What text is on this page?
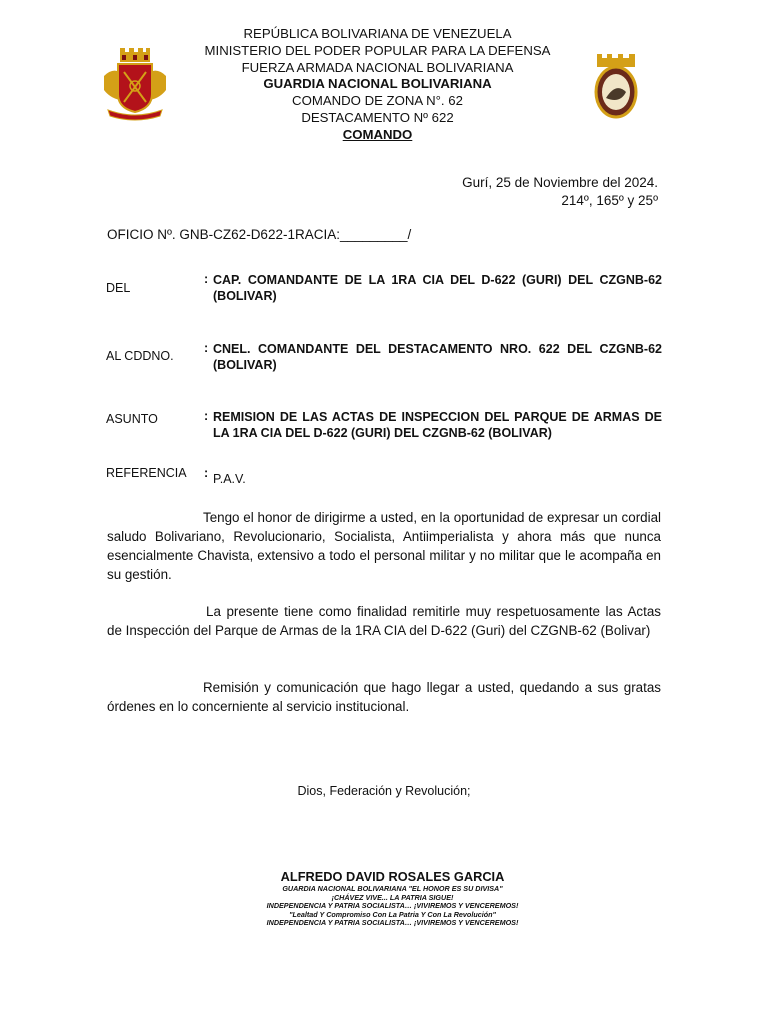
REPÚBLICA BOLIVARIANA DE VENEZUELA
MINISTERIO DEL PODER POPULAR PARA LA DEFENSA
FUERZA ARMADA NACIONAL BOLIVARIANA
GUARDIA NACIONAL BOLIVARIANA
COMANDO DE ZONA N°. 62
DESTACAMENTO Nº 622
COMANDO
Gurí, 25 de Noviembre del 2024.
214º, 165º y 25º
OFICIO Nº. GNB-CZ62-D622-1RACIA:_________/
DEL
: CAP. COMANDANTE DE LA 1RA CIA DEL D-622 (GURI) DEL CZGNB-62
(BOLIVAR)
AL CDDNO.
: CNEL. COMANDANTE DEL DESTACAMENTO NRO. 622 DEL CZGNB-62
(BOLIVAR)
ASUNTO	: REMISION DE LAS ACTAS DE INSPECCION DEL PARQUE DE ARMAS DE
LA 1RA CIA DEL D-622 (GURI) DEL CZGNB-62 (BOLIVAR)
REFERENCIA : P.A.V.
Tengo el honor de dirigirme a usted, en la oportunidad de expresar un cordial saludo Bolivariano, Revolucionario, Socialista, Antiimperialista y ahora más que nunca esencialmente Chavista, extensivo a todo el personal militar y no militar que le acompaña en su gestión.
La presente tiene como finalidad remitirle muy respetuosamente las Actas de Inspección del Parque de Armas de la 1RA CIA del D-622 (Guri) del CZGNB-62 (Bolivar)
Remisión y comunicación que hago llegar a usted, quedando a sus gratas órdenes en lo concerniente al servicio institucional.
Dios, Federación y Revolución;
ALFREDO DAVID ROSALES GARCIA
GUARDIA NACIONAL BOLIVARIANA "EL HONOR ES SU DIVISA"
¡CHÁVEZ VIVE... LA PATRIA SIGUE!
INDEPENDENCIA Y PATRIA SOCIALISTA… ¡VIVIREMOS Y VENCEREMOS!
"Lealtad Y Compromiso Con La Patria Y Con La Revolución"
INDEPENDENCIA Y PATRIA SOCIALISTA… ¡VIVIREMOS Y VENCEREMOS!
